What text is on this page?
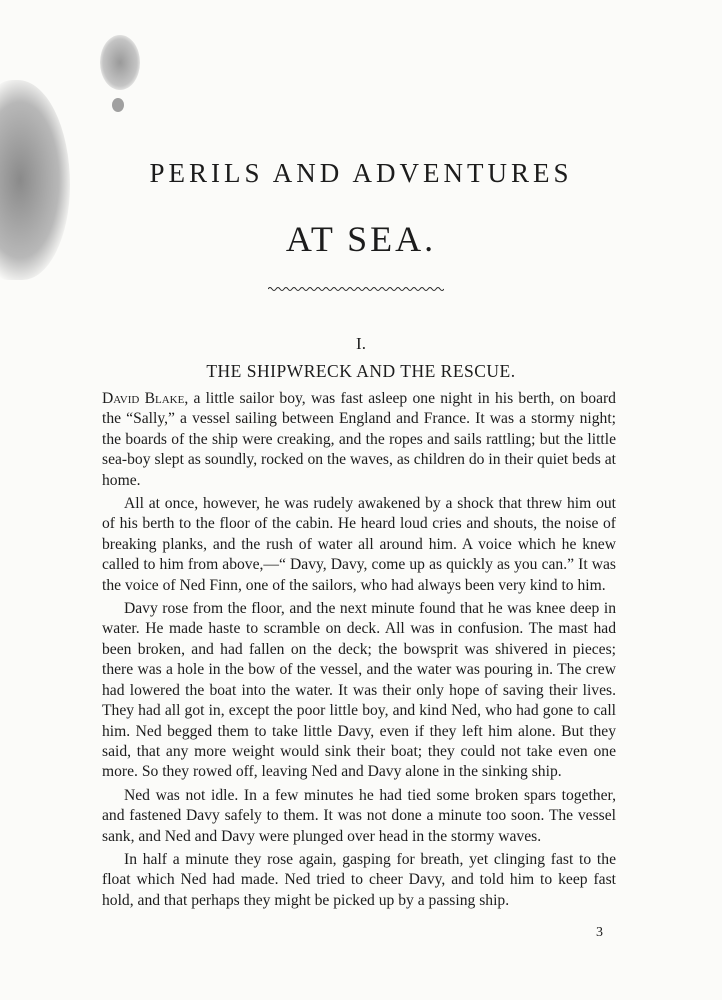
PERILS AND ADVENTURES
AT SEA.
I.
THE SHIPWRECK AND THE RESCUE.

David Blake, a little sailor boy, was fast asleep one night in his berth, on board the “Sally,” a vessel sailing between England and France. It was a stormy night; the boards of the ship were creaking, and the ropes and sails rattling; but the little sea-boy slept as soundly, rocked on the waves, as children do in their quiet beds at home.

All at once, however, he was rudely awakened by a shock that threw him out of his berth to the floor of the cabin. He heard loud cries and shouts, the noise of breaking planks, and the rush of water all around him. A voice which he knew called to him from above,—“ Davy, Davy, come up as quickly as you can.” It was the voice of Ned Finn, one of the sailors, who had always been very kind to him.

Davy rose from the floor, and the next minute found that he was knee deep in water. He made haste to scramble on deck. All was in confusion. The mast had been broken, and had fallen on the deck; the bowsprit was shivered in pieces; there was a hole in the bow of the vessel, and the water was pouring in. The crew had lowered the boat into the water. It was their only hope of saving their lives. They had all got in, except the poor little boy, and kind Ned, who had gone to call him. Ned begged them to take little Davy, even if they left him alone. But they said, that any more weight would sink their boat; they could not take even one more. So they rowed off, leaving Ned and Davy alone in the sinking ship.

Ned was not idle. In a few minutes he had tied some broken spars together, and fastened Davy safely to them. It was not done a minute too soon. The vessel sank, and Ned and Davy were plunged over head in the stormy waves.

In half a minute they rose again, gasping for breath, yet clinging fast to the float which Ned had made. Ned tried to cheer Davy, and told him to keep fast hold, and that perhaps they might be picked up by a passing ship.

3
